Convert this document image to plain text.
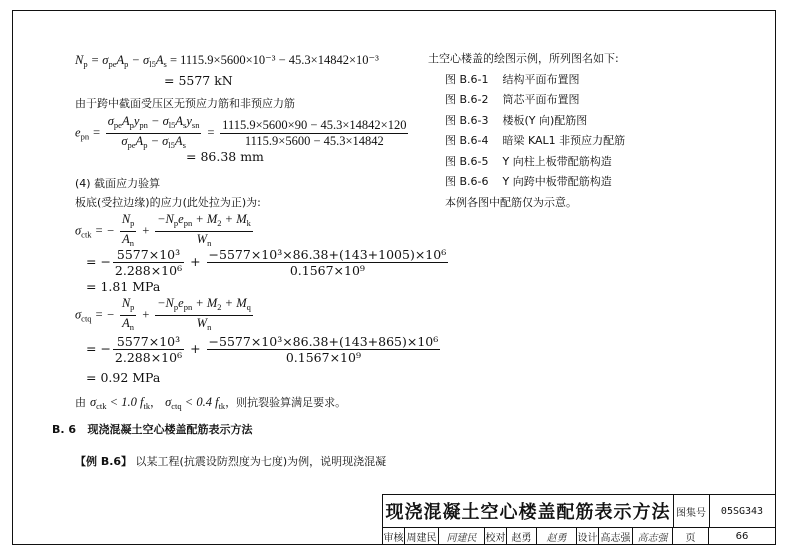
$N_p = \sigma_{pe}A_p - \sigma_{l5}A_s = 1115.9\times 5600\times 10^{-3} - 45.3\times 14842\times 10^{-3}$
= 5577 kN
由于跨中截面受压区无预应力筋和非预应力筋
$e_{pn} = \frac{\sigma_{pe}A_py_{pn} - \sigma_{l5}A_sy_{sn}}{\sigma_{pe}A_p - \sigma_{l5}A_s} = \frac{1115.9\times 5600\times 90 - 45.3\times 14842\times 120}{1115.9\times 5600 - 45.3\times 14842}$
= 86.38 mm
(4) 截面应力验算
板底(受拉边缘)的应力(此处拉为正)为:
$\sigma_{ctk}$ = − $\frac{N_p}{A_n} + \frac{-N_pe_{pn} + M_2 + M_k}{W_n}$
= − $\frac{\text{5577×10³}}{\text{2.288×10⁶}} + \frac{\text{−5577×10³×86.38+(143+1005)×10⁶}}{\text{0.1567×10⁹}}$
= 1.81 MPa
$\sigma_{ctq}$ = − $\frac{N_p}{A_n} + \frac{-N_pe_{pn} + M_2 + M_q}{W_n}$
= − $\frac{\text{5577×10³}}{\text{2.288×10⁶}} + \frac{\text{−5577×10³×86.38+(143+865)×10⁶}}{\text{0.1567×10⁹}}$
= 0.92 MPa
由 $\sigma_{ctk} < 1.0$ $f_{tk}$， $\sigma_{ctq} < 0.4$ $f_{tk}$，则抗裂验算满足要求。
B. 6 现浇混凝土空心楼盖配筋表示方法
【例 B.6】 以某工程(抗震设防烈度为七度)为例，说明现浇混凝
土空心楼盖的绘图示例，所列图名如下:
图 B.6-1 结构平面布置图
图 B.6-2 筒芯平面布置图
图 B.6-3 楼板(Y 向)配筋图
图 B.6-4 暗梁 KAL1 非预应力配筋
图 B.6-5 Y 向柱上板带配筋构造
图 B.6-6 Y 向跨中板带配筋构造
本例各图中配筋仅为示意。
现浇混凝土空心楼盖配筋表示方法 图集号	05SG343
审核 周建民	同建民 校对 赵勇	赵勇	设计 高志强 高志强	页	66
